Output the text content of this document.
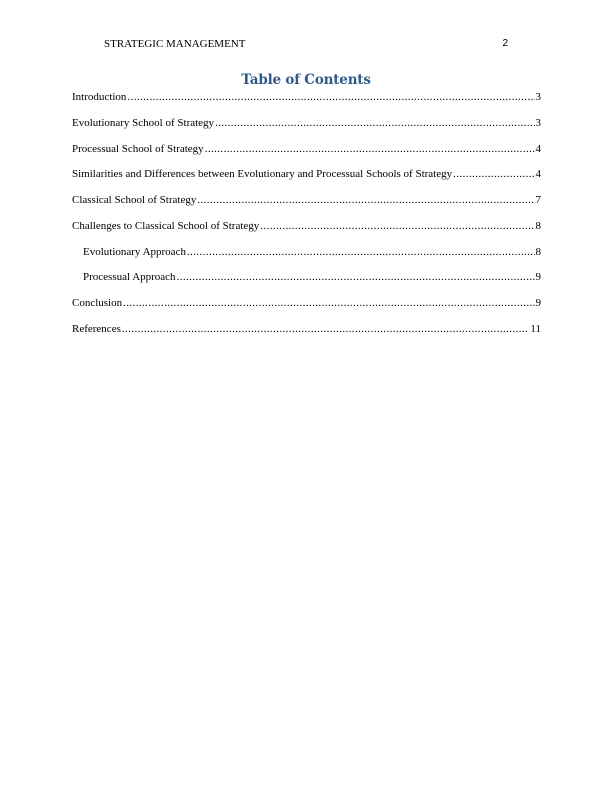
STRATEGIC MANAGEMENT	2
Table of Contents
Introduction .....	3
Evolutionary School of Strategy .....	3
Processual School of Strategy .....	4
Similarities and Differences between Evolutionary and Processual Schools of Strategy .....	4
Classical School of Strategy .....	7
Challenges to Classical School of Strategy .....	8
Evolutionary Approach .....	8
Processual Approach .....	9
Conclusion .....	9
References .....	11
